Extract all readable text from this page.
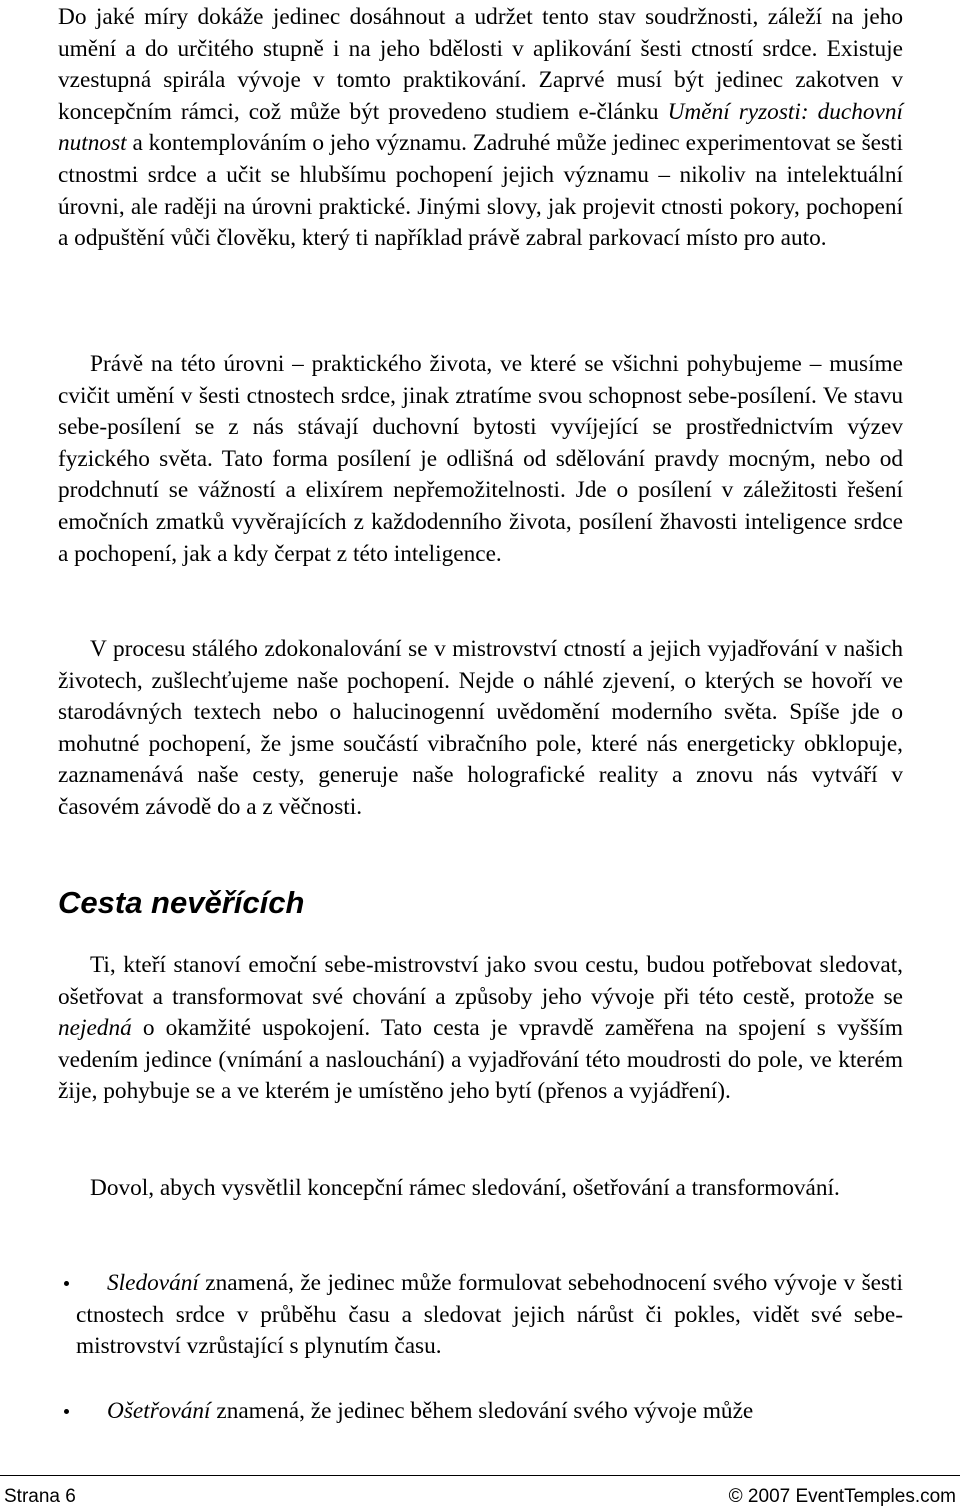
Do jaké míry dokáže jedinec dosáhnout a udržet tento stav soudržnosti, záleží na jeho umění a do určitého stupně i na jeho bdělosti v aplikování šesti ctností srdce. Existuje vzestupná spirála vývoje v tomto praktikování. Zaprvé musí být jedinec zakotven v koncepčním rámci, což může být provedeno studiem e-článku Umění ryzosti: duchovní nutnost a kontemplováním o jeho významu. Zadruhé může jedinec experimentovat se šesti ctnostmi srdce a učit se hlubšímu pochopení jejich významu – nikoliv na intelektuální úrovni, ale raději na úrovni praktické. Jinými slovy, jak projevit ctnosti pokory, pochopení a odpuštění vůči člověku, který ti například právě zabral parkovací místo pro auto.

Právě na této úrovni – praktického života, ve které se všichni pohybujeme – musíme cvičit umění v šesti ctnostech srdce, jinak ztratíme svou schopnost sebe-posílení. Ve stavu sebe-posílení se z nás stávají duchovní bytosti vyvíjející se prostřednictvím výzev fyzického světa. Tato forma posílení je odlišná od sdělování pravdy mocným, nebo od prodchnutí se vážností a elixírem nepřemožitelnosti. Jde o posílení v záležitosti řešení emočních zmatků vyvěrajících z každodenního života, posílení žhavosti inteligence srdce a pochopení, jak a kdy čerpat z této inteligence.

V procesu stálého zdokonalování se v mistrovství ctností a jejich vyjadřování v našich životech, zušlechťujeme naše pochopení. Nejde o náhlé zjevení, o kterých se hovoří ve starodávných textech nebo o halucinogenní uvědomění moderního světa. Spíše jde o mohutné pochopení, že jsme součástí vibračního pole, které nás energeticky obklopuje, zaznamenává naše cesty, generuje naše holografické reality a znovu nás vytváří v časovém závodě do a z věčnosti.

Cesta nevěřících

Ti, kteří stanoví emoční sebe-mistrovství jako svou cestu, budou potřebovat sledovat, ošetřovat a transformovat své chování a způsoby jeho vývoje při této cestě, protože se nejedná o okamžité uspokojení. Tato cesta je vpravdě zaměřena na spojení s vyšším vedením jedince (vnímání a naslouchání) a vyjadřování této moudrosti do pole, ve kterém žije, pohybuje se a ve kterém je umístěno jeho bytí (přenos a vyjádření).

Dovol, abych vysvětlil koncepční rámec sledování, ošetřování a transformování.

Sledování znamená, že jedinec může formulovat sebehodnocení svého vývoje v šesti ctnostech srdce v průběhu času a sledovat jejich nárůst či pokles, vidět své sebe-mistrovství vzrůstající s plynutím času.

Ošetřování znamená, že jedinec během sledování svého vývoje může

Strana 6	© 2007 EventTemples.com
